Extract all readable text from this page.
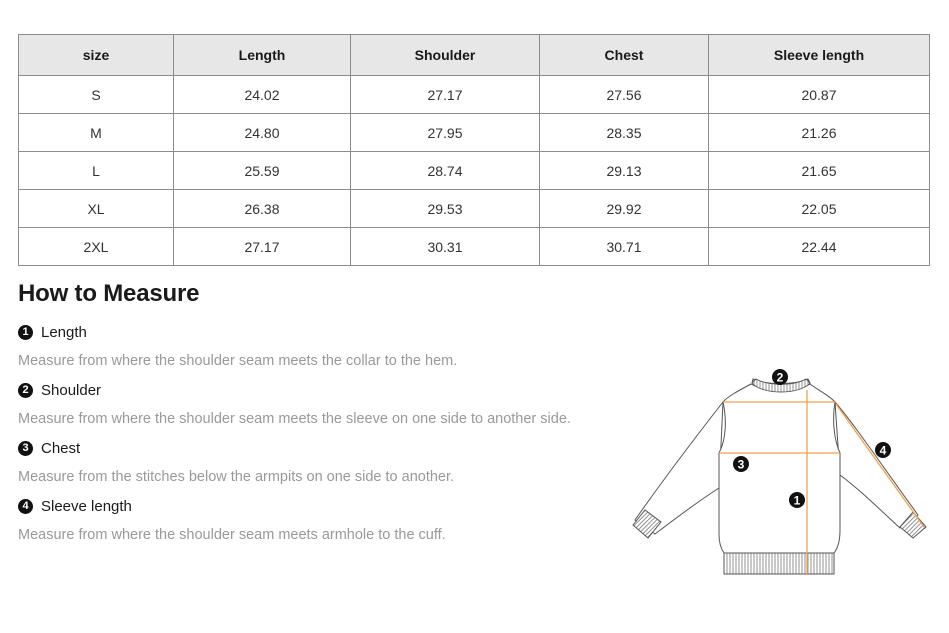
size	Length	Shoulder	Chest	Sleeve length
S	24.02	27.17	27.56	20.87
M	24.80	27.95	28.35	21.26
L	25.59	28.74	29.13	21.65
XL	26.38	29.53	29.92	22.05
2XL	27.17	30.31	30.71	22.44
How to Measure
1 Length
Measure from where the shoulder seam meets the collar to the hem.
2 Shoulder
Measure from where the shoulder seam meets the sleeve on one side to another side.
3 Chest
Measure from the stitches below the armpits on one side to another.
4 Sleeve length
Measure from where the shoulder seam meets armhole to the cuff.
2
3
1
4
